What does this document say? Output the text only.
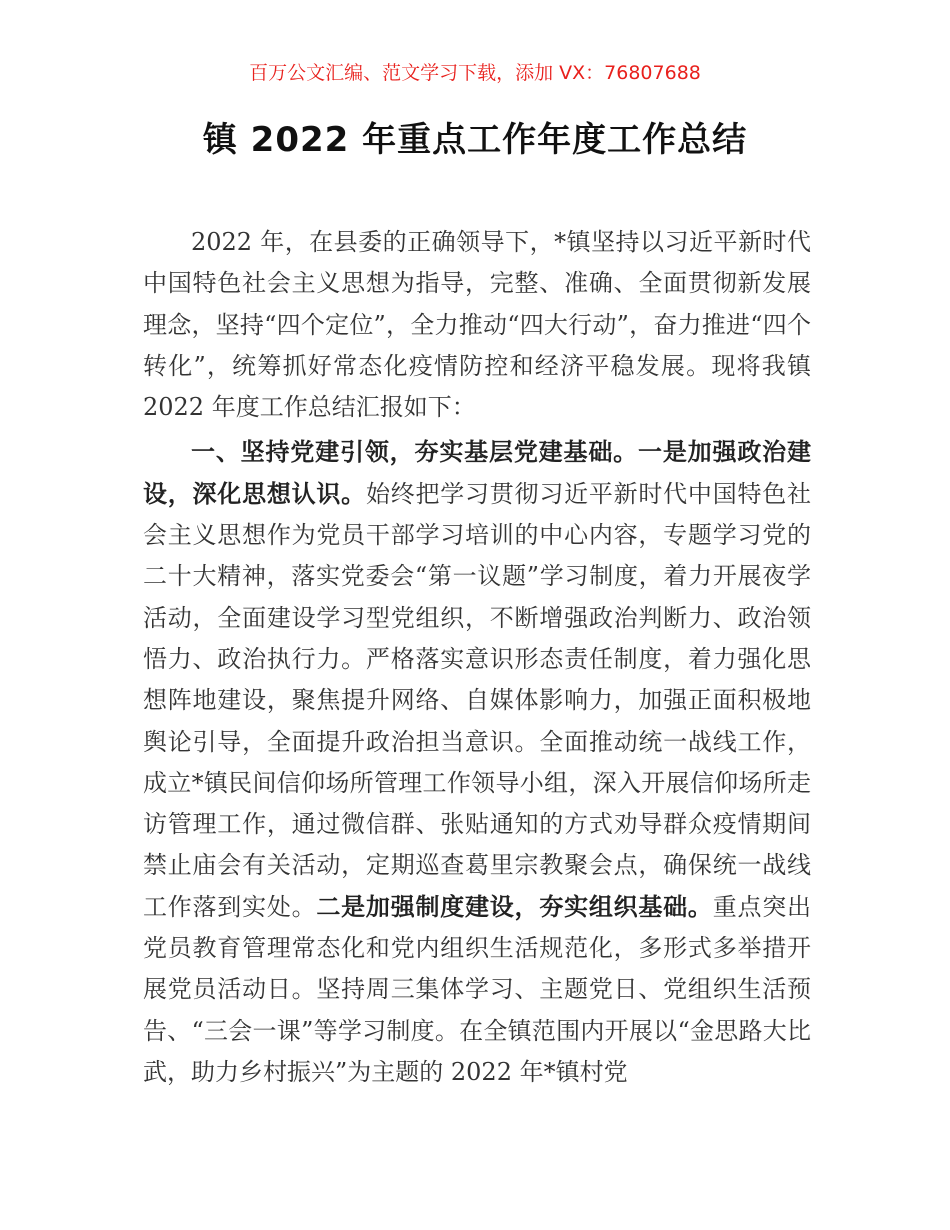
百万公文汇编、范文学习下载，添加 VX：76807688
镇 2022 年重点工作年度工作总结

2022 年，在县委的正确领导下，*镇坚持以习近平新时代中国特色社会主义思想为指导，完整、准确、全面贯彻新发展理念，坚持“四个定位”，全力推动“四大行动”，奋力推进“四个转化”，统筹抓好常态化疫情防控和经济平稳发展。现将我镇 2022 年度工作总结汇报如下：

一、坚持党建引领，夯实基层党建基础。一是加强政治建设，深化思想认识。始终把学习贯彻习近平新时代中国特色社会主义思想作为党员干部学习培训的中心内容，专题学习党的二十大精神，落实党委会“第一议题”学习制度，着力开展夜学活动，全面建设学习型党组织，不断增强政治判断力、政治领悟力、政治执行力。严格落实意识形态责任制度，着力强化思想阵地建设，聚焦提升网络、自媒体影响力，加强正面积极地舆论引导，全面提升政治担当意识。全面推动统一战线工作，成立*镇民间信仰场所管理工作领导小组，深入开展信仰场所走访管理工作，通过微信群、张贴通知的方式劝导群众疫情期间禁止庙会有关活动，定期巡查葛里宗教聚会点，确保统一战线工作落到实处。二是加强制度建设，夯实组织基础。重点突出党员教育管理常态化和党内组织生活规范化，多形式多举措开展党员活动日。坚持周三集体学习、主题党日、党组织生活预告、“三会一课”等学习制度。在全镇范围内开展以“金思路大比武，助力乡村振兴”为主题的 2022 年*镇村党
